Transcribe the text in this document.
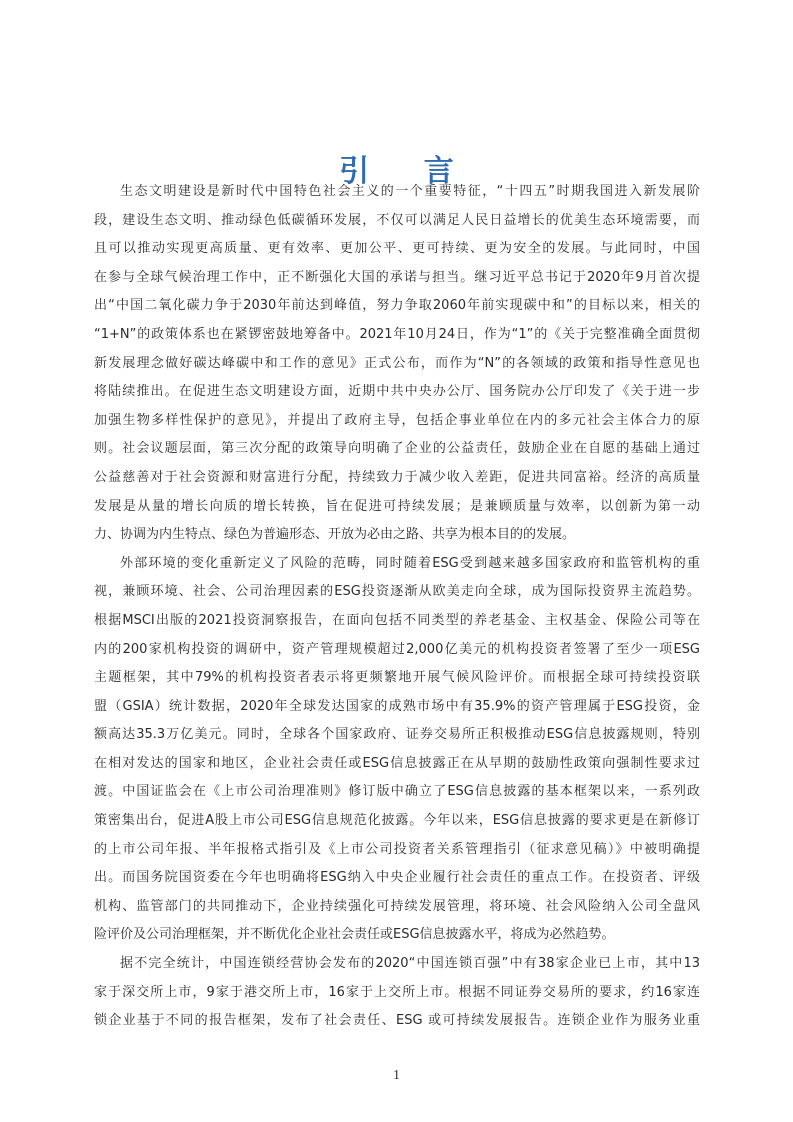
引 言
生态文明建设是新时代中国特色社会主义的一个重要特征，“十四五”时期我国进入新发展阶
段，建设生态文明、推动绿色低碳循环发展，不仅可以满足人民日益增长的优美生态环境需要，而
且可以推动实现更高质量、更有效率、更加公平、更可持续、更为安全的发展。与此同时，中国
在参与全球气候治理工作中，正不断强化大国的承诺与担当。继习近平总书记于2020年9月首次提
出“中国二氧化碳力争于2030年前达到峰值，努力争取2060年前实现碳中和”的目标以来，相关的
“1+N”的政策体系也在紧锣密鼓地筹备中。2021年10月24日，作为“1”的《关于完整准确全面贯彻
新发展理念做好碳达峰碳中和工作的意见》正式公布，而作为“N”的各领域的政策和指导性意见也
将陆续推出。在促进生态文明建设方面，近期中共中央办公厅、国务院办公厅印发了《关于进一步
加强生物多样性保护的意见》，并提出了政府主导，包括企事业单位在内的多元社会主体合力的原
则。社会议题层面，第三次分配的政策导向明确了企业的公益责任，鼓励企业在自愿的基础上通过
公益慈善对于社会资源和财富进行分配，持续致力于减少收入差距，促进共同富裕。经济的高质量
发展是从量的增长向质的增长转换，旨在促进可持续发展；是兼顾质量与效率，以创新为第一动
力、协调为内生特点、绿色为普遍形态、开放为必由之路、共享为根本目的的发展。
外部环境的变化重新定义了风险的范畴，同时随着ESG受到越来越多国家政府和监管机构的重
视，兼顾环境、社会、公司治理因素的ESG投资逐渐从欧美走向全球，成为国际投资界主流趋势。
根据MSCI出版的2021投资洞察报告，在面向包括不同类型的养老基金、主权基金、保险公司等在
内的200家机构投资的调研中，资产管理规模超过2,000亿美元的机构投资者签署了至少一项ESG
主题框架，其中79%的机构投资者表示将更频繁地开展气候风险评价。而根据全球可持续投资联
盟（GSIA）统计数据，2020年全球发达国家的成熟市场中有35.9%的资产管理属于ESG投资，金
额高达35.3万亿美元。同时，全球各个国家政府、证券交易所正积极推动ESG信息披露规则，特别
在相对发达的国家和地区，企业社会责任或ESG信息披露正在从早期的鼓励性政策向强制性要求过
渡。中国证监会在《上市公司治理准则》修订版中确立了ESG信息披露的基本框架以来，一系列政
策密集出台，促进A股上市公司ESG信息规范化披露。今年以来，ESG信息披露的要求更是在新修订
的上市公司年报、半年报格式指引及《上市公司投资者关系管理指引（征求意见稿）》中被明确提
出。而国务院国资委在今年也明确将ESG纳入中央企业履行社会责任的重点工作。在投资者、评级
机构、监管部门的共同推动下，企业持续强化可持续发展管理，将环境、社会风险纳入公司全盘风
险评价及公司治理框架，并不断优化企业社会责任或ESG信息披露水平，将成为必然趋势。
据不完全统计，中国连锁经营协会发布的2020“中国连锁百强”中有38家企业已上市，其中13
家于深交所上市，9家于港交所上市，16家于上交所上市。根据不同证券交易所的要求，约16家连
锁企业基于不同的报告框架，发布了社会责任、ESG 或可持续发展报告。连锁企业作为服务业重
1
